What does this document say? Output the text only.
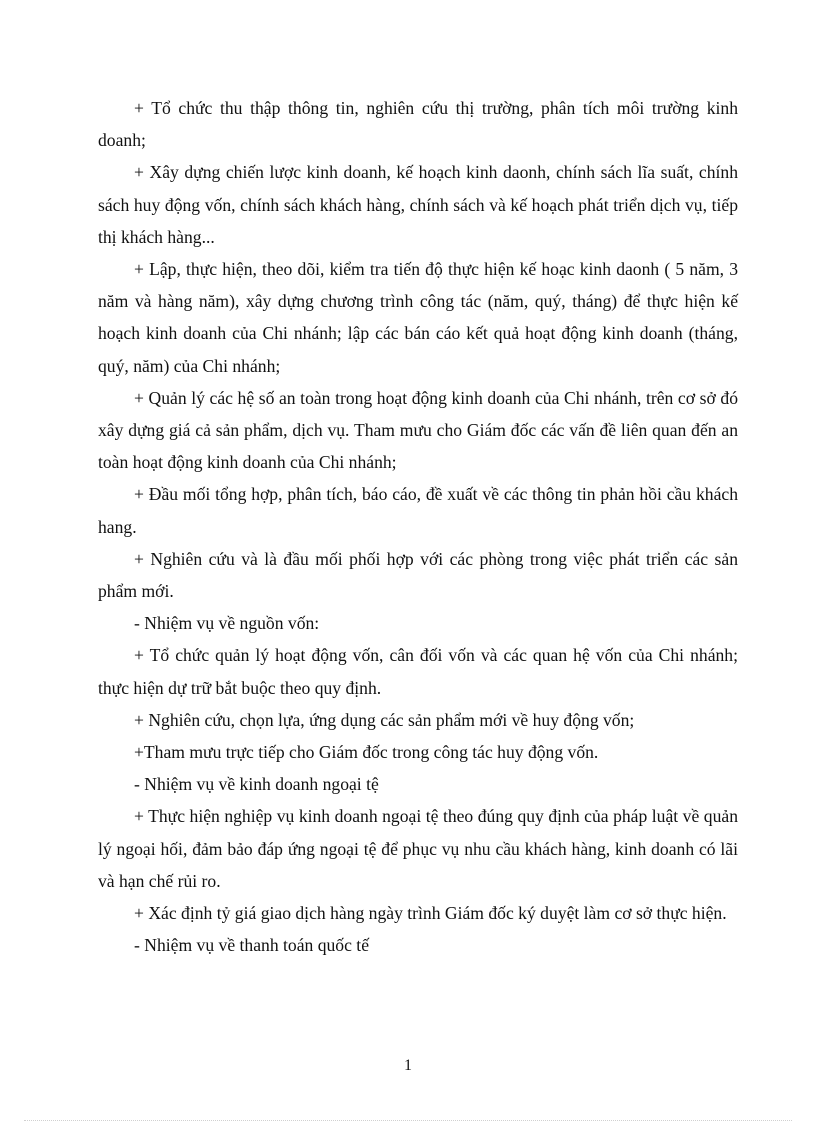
+ Tổ chức thu thập thông tin, nghiên cứu thị trường, phân tích môi trường kinh doanh;

+ Xây dựng chiến lược kinh doanh, kế hoạch kinh daonh, chính sách lĩa suất, chính sách huy động vốn, chính sách khách hàng, chính sách và kế hoạch phát triển dịch vụ, tiếp thị khách hàng...

+ Lập, thực hiện, theo dõi, kiểm tra tiến độ thực hiện kế hoạc kinh daonh ( 5 năm, 3 năm và hàng năm), xây dựng chương trình công tác (năm, quý, tháng) để thực hiện kế hoạch kinh doanh của Chi nhánh; lập các bán cáo kết quả hoạt động kinh doanh (tháng, quý, năm) của Chi nhánh;

+ Quản lý các hệ số an toàn trong hoạt động kinh doanh của Chi nhánh, trên cơ sở đó xây dựng giá cả sản phẩm, dịch vụ. Tham mưu cho Giám đốc các vấn đề liên quan đến an toàn hoạt động kinh doanh của Chi nhánh;

+ Đầu mối tổng hợp, phân tích, báo cáo, đề xuất về các thông tin phản hồi cầu khách hang.

+ Nghiên cứu và là đầu mối phối hợp với các phòng trong việc phát triển các sản phẩm mới.

- Nhiệm vụ về nguồn vốn:

+ Tổ chức quản lý hoạt động vốn, cân đối vốn và các quan hệ vốn của Chi nhánh; thực hiện dự trữ bắt buộc theo quy định.

+ Nghiên cứu, chọn lựa, ứng dụng các sản phẩm mới về huy động vốn;

+Tham mưu trực tiếp cho Giám đốc trong công tác huy động vốn.

- Nhiệm vụ về kinh doanh ngoại tệ

+ Thực hiện nghiệp vụ kinh doanh ngoại tệ theo đúng quy định của pháp luật về quản lý ngoại hối, đảm bảo đáp ứng ngoại tệ để phục vụ nhu cầu khách hàng, kinh doanh có lãi và hạn chế rủi ro.

+ Xác định tỷ giá giao dịch hàng ngày trình Giám đốc ký duyệt làm cơ sở thực hiện.

- Nhiệm vụ về thanh toán quốc tế

1
